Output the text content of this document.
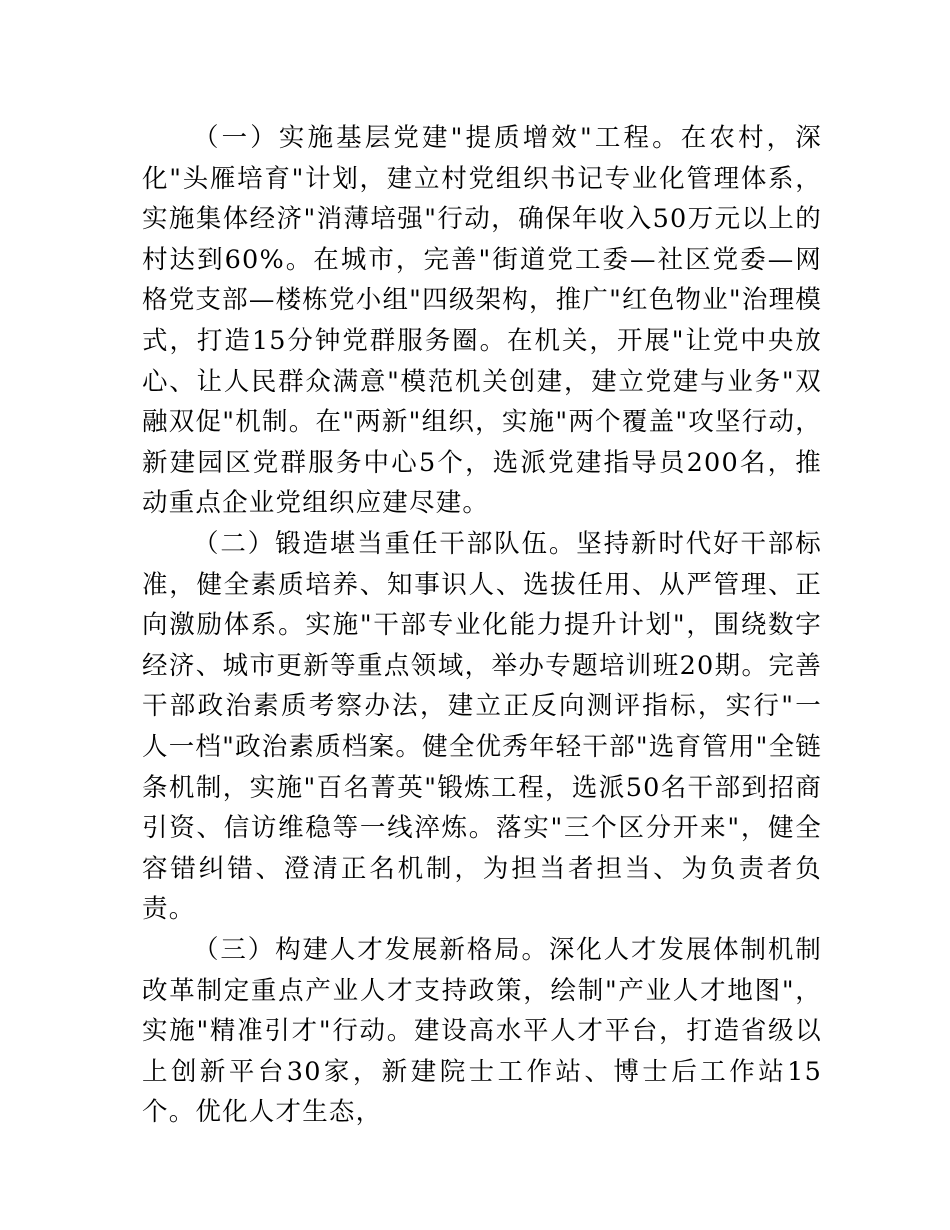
（一）实施基层党建"提质增效"工程。在农村，深化"头雁培育"计划，建立村党组织书记专业化管理体系，实施集体经济"消薄培强"行动，确保年收入50万元以上的村达到60%。在城市，完善"街道党工委—社区党委—网格党支部—楼栋党小组"四级架构，推广"红色物业"治理模式，打造15分钟党群服务圈。在机关，开展"让党中央放心、让人民群众满意"模范机关创建，建立党建与业务"双融双促"机制。在"两新"组织，实施"两个覆盖"攻坚行动，新建园区党群服务中心5个，选派党建指导员200名，推动重点企业党组织应建尽建。

（二）锻造堪当重任干部队伍。坚持新时代好干部标准，健全素质培养、知事识人、选拔任用、从严管理、正向激励体系。实施"干部专业化能力提升计划"，围绕数字经济、城市更新等重点领域，举办专题培训班20期。完善干部政治素质考察办法，建立正反向测评指标，实行"一人一档"政治素质档案。健全优秀年轻干部"选育管用"全链条机制，实施"百名菁英"锻炼工程，选派50名干部到招商引资、信访维稳等一线淬炼。落实"三个区分开来"，健全容错纠错、澄清正名机制，为担当者担当、为负责者负责。

（三）构建人才发展新格局。深化人才发展体制机制改革制定重点产业人才支持政策，绘制"产业人才地图"，实施"精准引才"行动。建设高水平人才平台，打造省级以上创新平台30家，新建院士工作站、博士后工作站15个。优化人才生态，
